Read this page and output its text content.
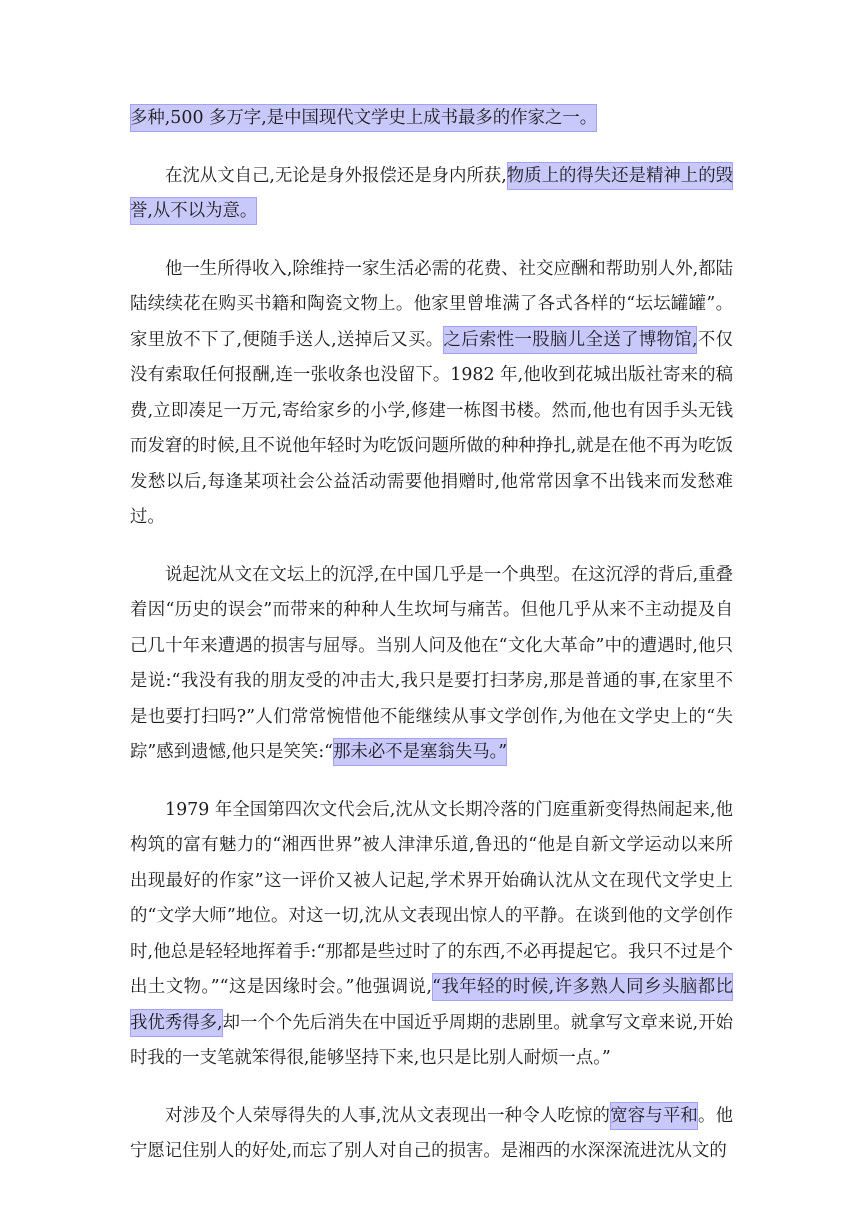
多种,500 多万字,是中国现代文学史上成书最多的作家之一。

在沈从文自己,无论是身外报偿还是身内所获,物质上的得失还是精神上的毁誉,从不以为意。

他一生所得收入,除维持一家生活必需的花费、社交应酬和帮助别人外,都陆陆续续花在购买书籍和陶瓷文物上。他家里曾堆满了各式各样的“坛坛罐罐”。家里放不下了,便随手送人,送掉后又买。之后索性一股脑儿全送了博物馆,不仅没有索取任何报酬,连一张收条也没留下。1982 年,他收到花城出版社寄来的稿费,立即凑足一万元,寄给家乡的小学,修建一栋图书楼。然而,他也有因手头无钱而发窘的时候,且不说他年轻时为吃饭问题所做的种种挣扎,就是在他不再为吃饭发愁以后,每逢某项社会公益活动需要他捐赠时,他常常因拿不出钱来而发愁难过。

说起沈从文在文坛上的沉浮,在中国几乎是一个典型。在这沉浮的背后,重叠着因“历史的误会”而带来的种种人生坎坷与痛苦。但他几乎从来不主动提及自己几十年来遭遇的损害与屈辱。当别人问及他在“文化大革命”中的遭遇时,他只是说:“我没有我的朋友受的冲击大,我只是要打扫茅房,那是普通的事,在家里不是也要打扫吗?”人们常常惋惜他不能继续从事文学创作,为他在文学史上的“失踪”感到遗憾,他只是笑笑:“那未必不是塞翁失马。”

1979 年全国第四次文代会后,沈从文长期冷落的门庭重新变得热闹起来,他构筑的富有魅力的“湘西世界”被人津津乐道,鲁迅的“他是自新文学运动以来所出现最好的作家”这一评价又被人记起,学术界开始确认沈从文在现代文学史上的“文学大师”地位。对这一切,沈从文表现出惊人的平静。在谈到他的文学创作时,他总是轻轻地挥着手:“那都是些过时了的东西,不必再提起它。我只不过是个出土文物。”“这是因缘时会。”他强调说,“我年轻的时候,许多熟人同乡头脑都比我优秀得多,却一个个先后消失在中国近乎周期的悲剧里。就拿写文章来说,开始时我的一支笔就笨得很,能够坚持下来,也只是比别人耐烦一点。”

对涉及个人荣辱得失的人事,沈从文表现出一种令人吃惊的宽容与平和。他宁愿记住别人的好处,而忘了别人对自己的损害。是湘西的水深深流进沈从文的
